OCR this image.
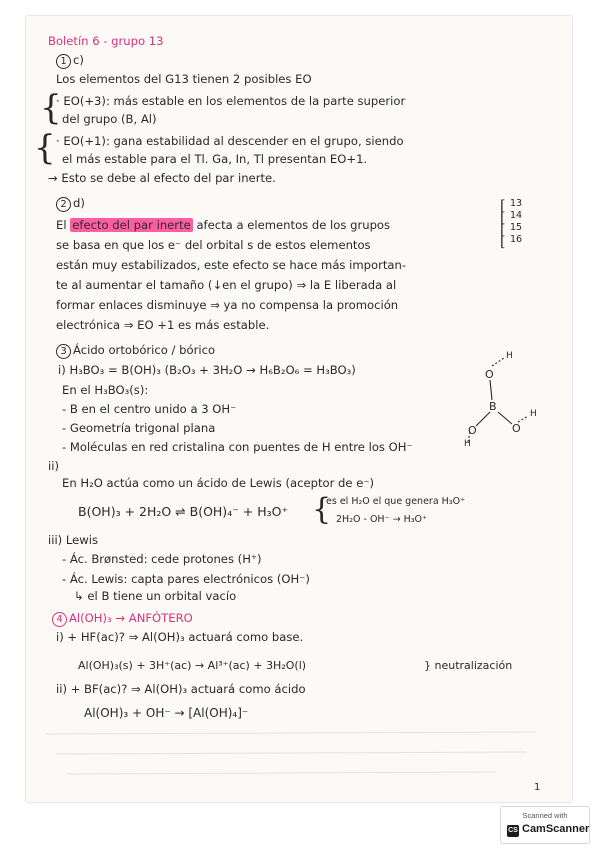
Boletín 6 - grupo 13
1 c)
Los elementos del G13 tienen 2 posibles EO
{
· EO(+3): más estable en los elementos de la parte superior
del grupo (B, Al)
{ · EO(+1): gana estabilidad al descender en el grupo, siendo
el más estable para el Tl. Ga, In, Tl presentan EO+1.
→ Esto se debe al efecto del par inerte.
2 d)
El efecto del par inerte afecta a elementos de los grupos
[
[
[
[
13
14
15
16
se basa en que los e⁻ del orbital s de estos elementos
están muy estabilizados, este efecto se hace más importan-
te al aumentar el tamaño (↓en el grupo) ⇒ la E liberada al
formar enlaces disminuye ⇒ ya no compensa la promoción
electrónica ⇒ EO +1 es más estable.
3 Ácido ortobórico / bórico
i) H₃BO₃ = B(OH)₃ (B₂O₃ + 3H₂O → H₆B₂O₆ = H₃BO₃)
En el H₃BO₃(s):
- B en el centro unido a 3 OH⁻
- Geometría trigonal plana
- Moléculas en red cristalina con puentes de H entre los OH⁻
O
H
B
O	O
H
H
ii)
En H₂O actúa como un ácido de Lewis (aceptor de e⁻)
B(OH)₃ + 2H₂O ⇌ B(OH)₄⁻ + H₃O⁺ {
es el H₂O el que genera H₃O⁺
2H₂O - OH⁻ → H₃O⁺
iii) Lewis
- Ác. Brønsted: cede protones (H⁺)
- Ác. Lewis: capta pares electrónicos (OH⁻)
↳ el B tiene un orbital vacío
4 Al(OH)₃ → ANFÓTERO
i) + HF(ac)? ⇒ Al(OH)₃ actuará como base.
Al(OH)₃(s) + 3H⁺(ac) → Al³⁺(ac) + 3H₂O(l)	} neutralización
ii) + BF(ac)? ⇒ Al(OH)₃ actuará como ácido
Al(OH)₃ + OH⁻ → [Al(OH)₄]⁻
1
Scanned with
CS CamScanner
